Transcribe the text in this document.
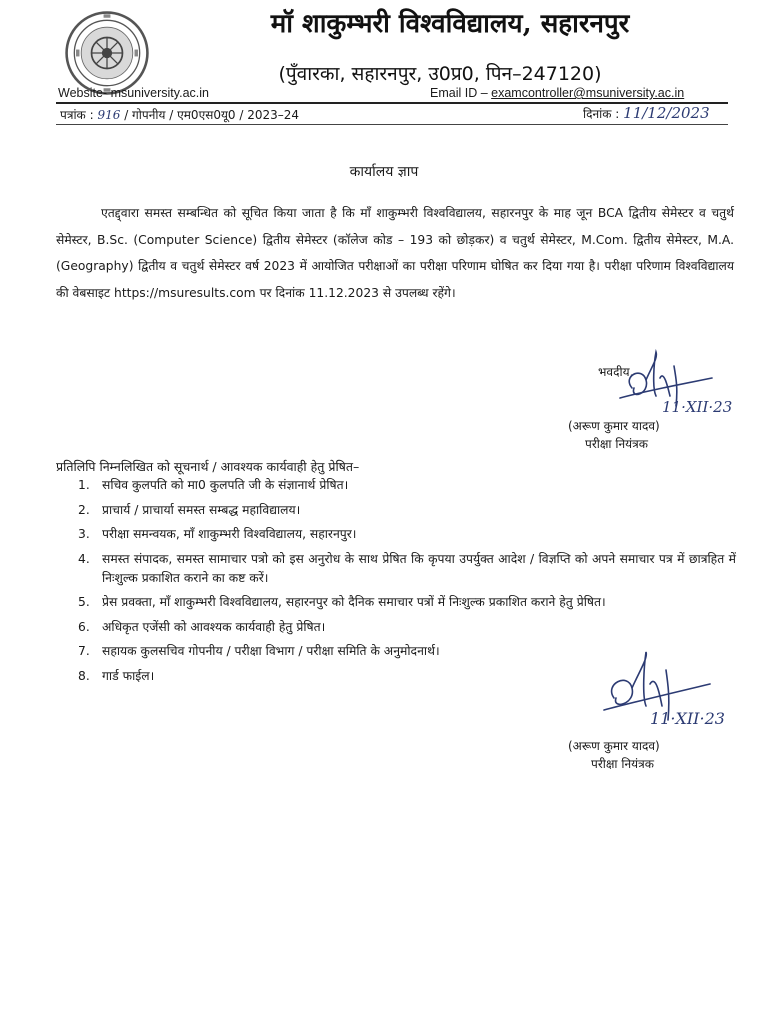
मॉ शाकुम्भरी विश्वविद्यालय, सहारनपुर
(पुँवारका, सहारनपुर, उ0प्र0, पिन–247120)
Website- msuniversity.ac.in	Email ID – examcontroller@msuniversity.ac.in
पत्रांक : 916 / गोपनीय / एम0एस0यू0 / 2023–24	दिनांक : 11/12/2023
कार्यालय ज्ञाप
एतद्द्वारा समस्त सम्बन्धित को सूचित किया जाता है कि माँ शाकुम्भरी विश्वविद्यालय, सहारनपुर के माह जून BCA द्वितीय सेमेस्टर व चतुर्थ सेमेस्टर, B.Sc. (Computer Science) द्वितीय सेमेस्टर (कॉलेज कोड – 193 को छोड़कर) व चतुर्थ सेमेस्टर, M.Com. द्वितीय सेमेस्टर, M.A. (Geography) द्वितीय व चतुर्थ सेमेस्टर वर्ष 2023 में आयोजित परीक्षाओं का परीक्षा परिणाम घोषित कर दिया गया है। परीक्षा परिणाम विश्वविद्यालय की वेबसाइट https://msuresults.com पर दिनांक 11.12.2023 से उपलब्ध रहेंगे।
भवदीय,
11·XII·23
(अरूण कुमार यादव)
परीक्षा नियंत्रक
प्रतिलिपि निम्नलिखित को सूचनार्थ / आवश्यक कार्यवाही हेतु प्रेषित–
1. सचिव कुलपति को मा0 कुलपति जी के संज्ञानार्थ प्रेषित।
2. प्राचार्य / प्राचार्या समस्त सम्बद्ध महाविद्यालय।
3. परीक्षा समन्वयक, माँ शाकुम्भरी विश्वविद्यालय, सहारनपुर।
4. समस्त संपादक, समस्त सामाचार पत्रो को इस अनुरोध के साथ प्रेषित कि कृपया उपर्युक्त आदेश / विज्ञप्ति को अपने समाचार पत्र में छात्रहित में निःशुल्क प्रकाशित कराने का कष्ट करें।
5. प्रेस प्रवक्ता, माँ शाकुम्भरी विश्वविद्यालय, सहारनपुर को दैनिक समाचार पत्रों में निःशुल्क प्रकाशित कराने हेतु प्रेषित।
6. अधिकृत एजेंसी को आवश्यक कार्यवाही हेतु प्रेषित।
7. सहायक कुलसचिव गोपनीय / परीक्षा विभाग / परीक्षा समिति के अनुमोदनार्थ।
8. गार्ड फाईल।
11·XII·23
(अरूण कुमार यादव)
परीक्षा नियंत्रक
